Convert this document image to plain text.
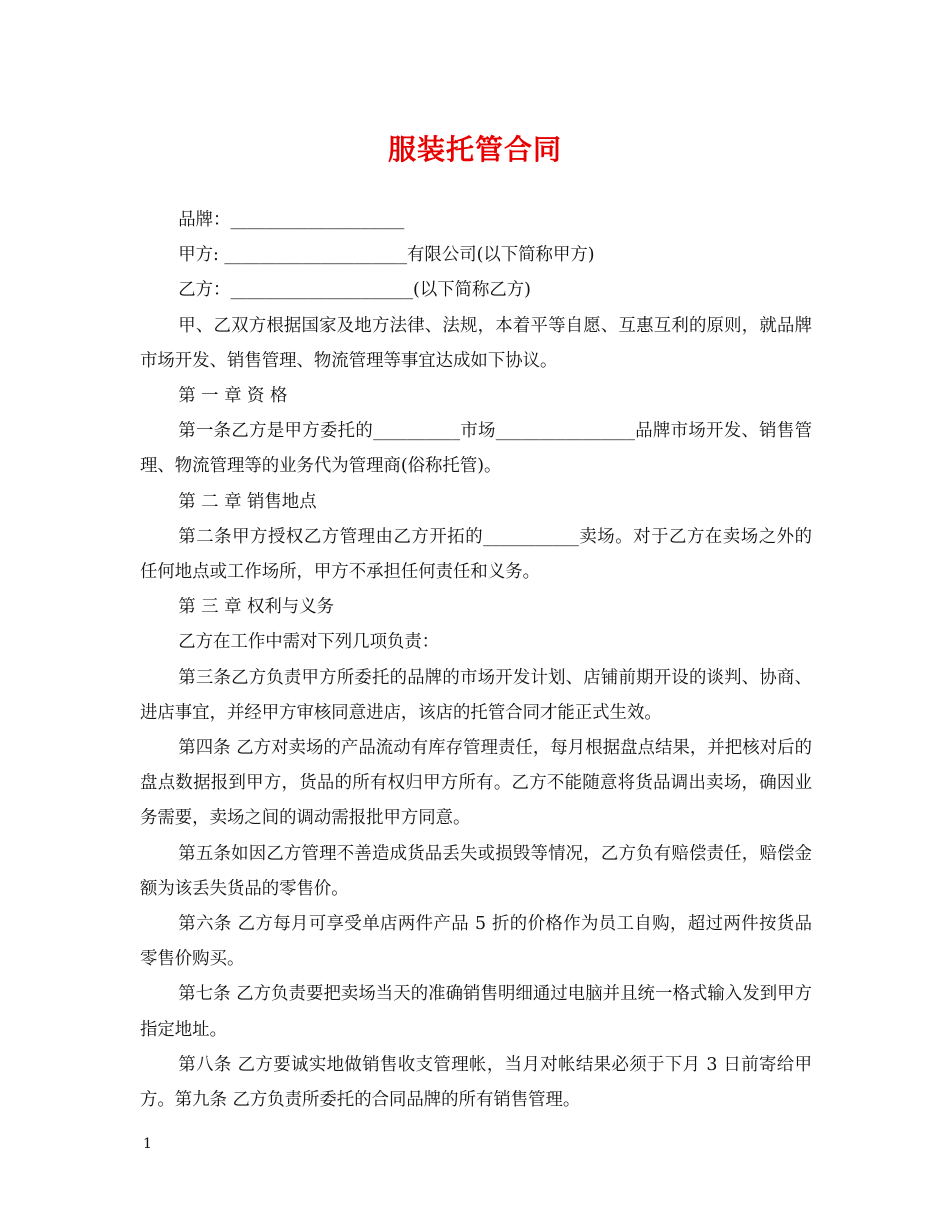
服装托管合同

品牌：____________________

甲方: _____________________有限公司(以下简称甲方)

乙方：_____________________(以下简称乙方)

甲、乙双方根据国家及地方法律、法规，本着平等自愿、互惠互利的原则，就品牌市场开发、销售管理、物流管理等事宜达成如下协议。

第 一 章 资 格

第一条乙方是甲方委托的__________市场________________品牌市场开发、销售管理、物流管理等的业务代为管理商(俗称托管)。

第 二 章 销售地点

第二条甲方授权乙方管理由乙方开拓的___________卖场。对于乙方在卖场之外的任何地点或工作场所，甲方不承担任何责任和义务。

第 三 章 权利与义务

乙方在工作中需对下列几项负责：

第三条乙方负责甲方所委托的品牌的市场开发计划、店铺前期开设的谈判、协商、进店事宜，并经甲方审核同意进店，该店的托管合同才能正式生效。

第四条 乙方对卖场的产品流动有库存管理责任，每月根据盘点结果，并把核对后的盘点数据报到甲方，货品的所有权归甲方所有。乙方不能随意将货品调出卖场，确因业务需要，卖场之间的调动需报批甲方同意。

第五条如因乙方管理不善造成货品丢失或损毁等情况，乙方负有赔偿责任，赔偿金额为该丢失货品的零售价。

第六条 乙方每月可享受单店两件产品 5 折的价格作为员工自购，超过两件按货品零售价购买。

第七条 乙方负责要把卖场当天的准确销售明细通过电脑并且统一格式输入发到甲方指定地址。

第八条 乙方要诚实地做销售收支管理帐，当月对帐结果必须于下月 3 日前寄给甲方。第九条 乙方负责所委托的合同品牌的所有销售管理。

1
